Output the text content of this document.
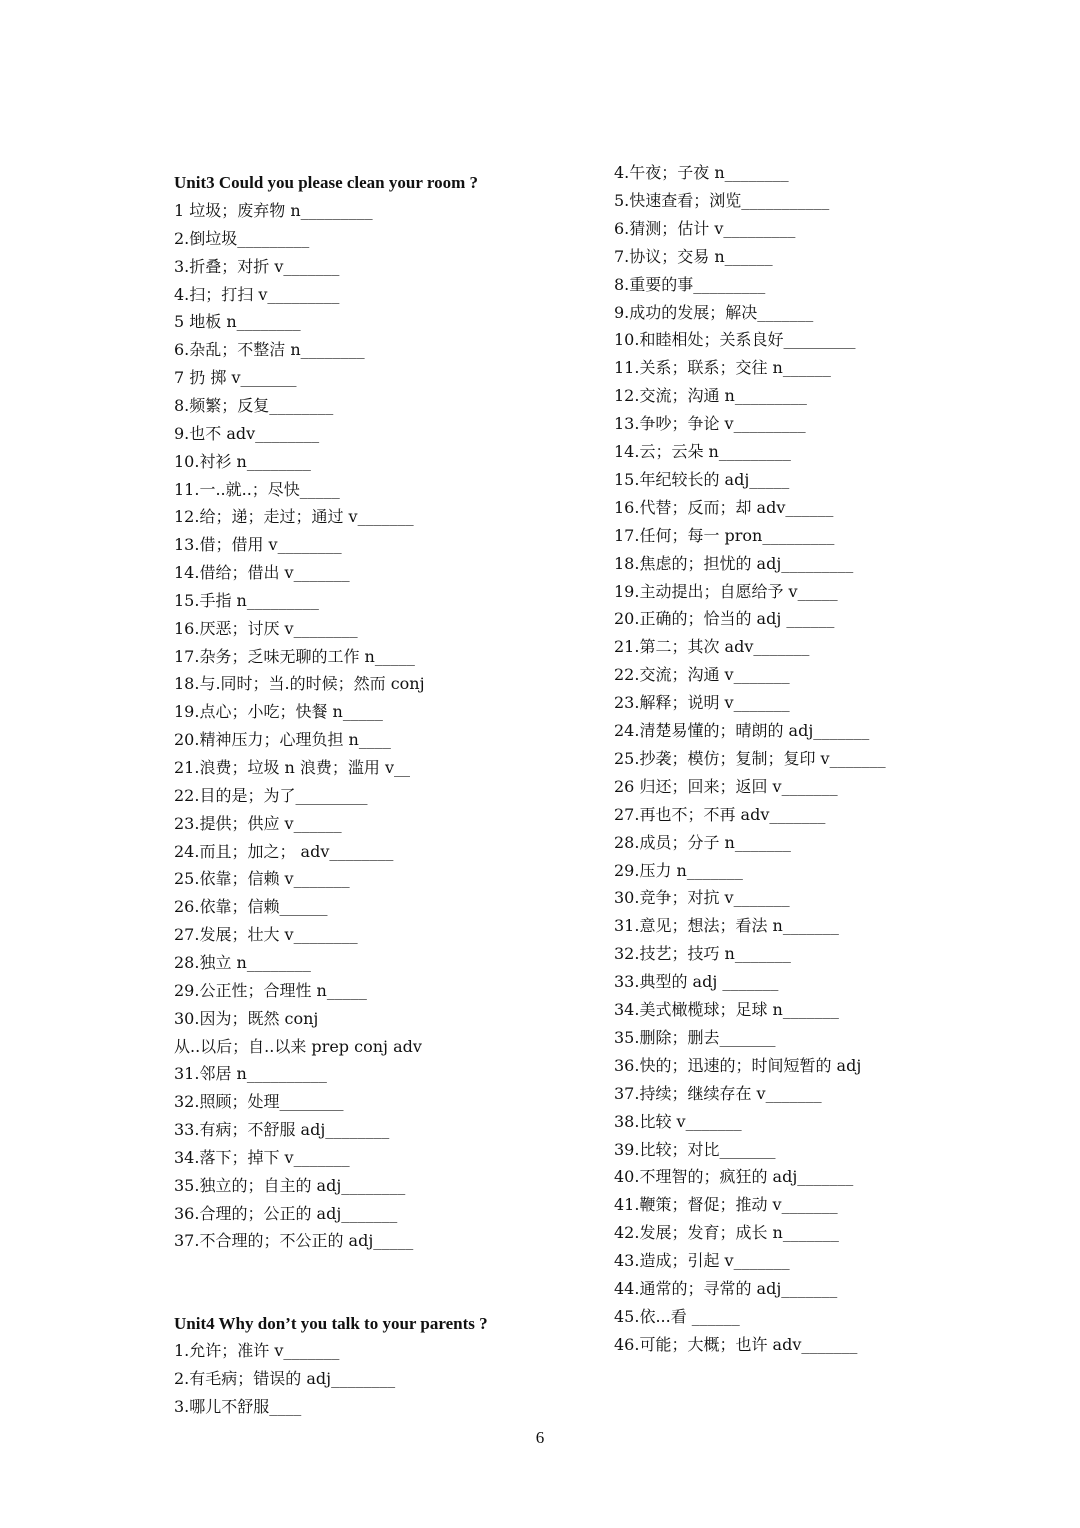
Unit3 Could you please clean your room ?
1 垃圾；废弃物 n_________
2.倒垃圾_________
3.折叠；对折 v_______
4.扫；打扫 v_________
5 地板 n________
6.杂乱；不整洁 n________
7 扔 掷 v_______
8.频繁；反复________
9.也不 adv________
10.衬衫 n________
11.一..就..；尽快_____
12.给；递；走过；通过 v_______
13.借；借用 v________
14.借给；借出 v_______
15.手指 n_________
16.厌恶；讨厌 v________
17.杂务；乏味无聊的工作 n_____
18.与.同时；当.的时候；然而 conj
19.点心；小吃；快餐 n_____
20.精神压力；心理负担 n____
21.浪费；垃圾 n 浪费；滥用 v__
22.目的是；为了_________
23.提供；供应 v______
24.而且；加之； adv________
25.依靠；信赖 v_______
26.依靠；信赖______
27.发展；壮大 v________
28.独立 n________
29.公正性；合理性 n_____
30.因为；既然 conj
从..以后；自..以来 prep conj adv
31.邻居 n__________
32.照顾；处理________
33.有病；不舒服 adj________
34.落下；掉下 v_______
35.独立的；自主的 adj________
36.合理的；公正的 adj_______
37.不合理的；不公正的 adj_____
Unit4 Why don’t you talk to your parents ?
1.允许；准许 v_______
2.有毛病；错误的 adj________
3.哪儿不舒服____
4.午夜；子夜 n________
5.快速查看；浏览___________
6.猜测；估计 v_________
7.协议；交易 n______
8.重要的事_________
9.成功的发展；解决_______
10.和睦相处；关系良好_________
11.关系；联系；交往 n______
12.交流；沟通 n_________
13.争吵；争论 v_________
14.云；云朵 n_________
15.年纪较长的 adj_____
16.代替；反而；却 adv______
17.任何；每一 pron_________
18.焦虑的；担忧的 adj_________
19.主动提出；自愿给予 v_____
20.正确的；恰当的 adj ______
21.第二；其次 adv_______
22.交流；沟通 v_______
23.解释；说明 v_______
24.清楚易懂的；晴朗的 adj_______
25.抄袭；模仿；复制；复印 v_______
26 归还；回来；返回 v_______
27.再也不；不再 adv_______
28.成员；分子 n_______
29.压力 n_______
30.竞争；对抗 v_______
31.意见；想法；看法 n_______
32.技艺；技巧 n_______
33.典型的 adj _______
34.美式橄榄球；足球 n_______
35.删除；删去_______
36.快的；迅速的；时间短暂的 adj
37.持续；继续存在 v_______
38.比较 v_______
39.比较；对比_______
40.不理智的；疯狂的 adj_______
41.鞭策；督促；推动 v_______
42.发展；发育；成长 n_______
43.造成；引起 v_______
44.通常的；寻常的 adj_______
45.依...看 ______
46.可能；大概；也许 adv_______
6
